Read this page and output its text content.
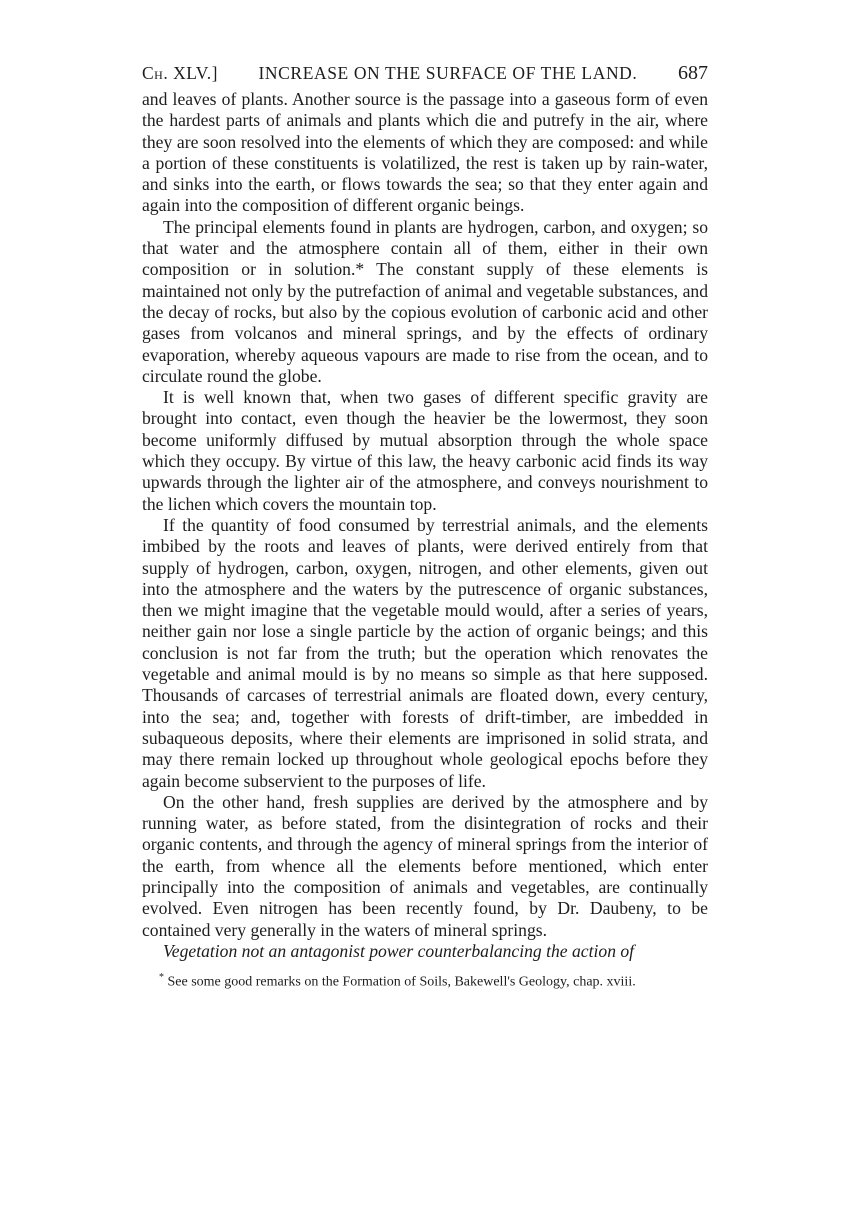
Ch. XLV.] INCREASE ON THE SURFACE OF THE LAND. 687

and leaves of plants. Another source is the passage into a gaseous form of even the hardest parts of animals and plants which die and putrefy in the air, where they are soon resolved into the elements of which they are composed: and while a portion of these constituents is volatilized, the rest is taken up by rain-water, and sinks into the earth, or flows towards the sea; so that they enter again and again into the composition of different organic beings.

The principal elements found in plants are hydrogen, carbon, and oxygen; so that water and the atmosphere contain all of them, either in their own composition or in solution.* The constant supply of these elements is maintained not only by the putrefaction of animal and vegetable substances, and the decay of rocks, but also by the copious evolution of carbonic acid and other gases from volcanos and mineral springs, and by the effects of ordinary evaporation, whereby aqueous vapours are made to rise from the ocean, and to circulate round the globe.

It is well known that, when two gases of different specific gravity are brought into contact, even though the heavier be the lowermost, they soon become uniformly diffused by mutual absorption through the whole space which they occupy. By virtue of this law, the heavy carbonic acid finds its way upwards through the lighter air of the atmosphere, and conveys nourishment to the lichen which covers the mountain top.

If the quantity of food consumed by terrestrial animals, and the elements imbibed by the roots and leaves of plants, were derived entirely from that supply of hydrogen, carbon, oxygen, nitrogen, and other elements, given out into the atmosphere and the waters by the putrescence of organic substances, then we might imagine that the vegetable mould would, after a series of years, neither gain nor lose a single particle by the action of organic beings; and this conclusion is not far from the truth; but the operation which renovates the vegetable and animal mould is by no means so simple as that here supposed. Thousands of carcases of terrestrial animals are floated down, every century, into the sea; and, together with forests of drift-timber, are imbedded in subaqueous deposits, where their elements are imprisoned in solid strata, and may there remain locked up throughout whole geological epochs before they again become subservient to the purposes of life.

On the other hand, fresh supplies are derived by the atmosphere and by running water, as before stated, from the disintegration of rocks and their organic contents, and through the agency of mineral springs from the interior of the earth, from whence all the elements before mentioned, which enter principally into the composition of animals and vegetables, are continually evolved. Even nitrogen has been recently found, by Dr. Daubeny, to be contained very generally in the waters of mineral springs.

Vegetation not an antagonist power counterbalancing the action of

* See some good remarks on the Formation of Soils, Bakewell's Geology, chap. xviii.
